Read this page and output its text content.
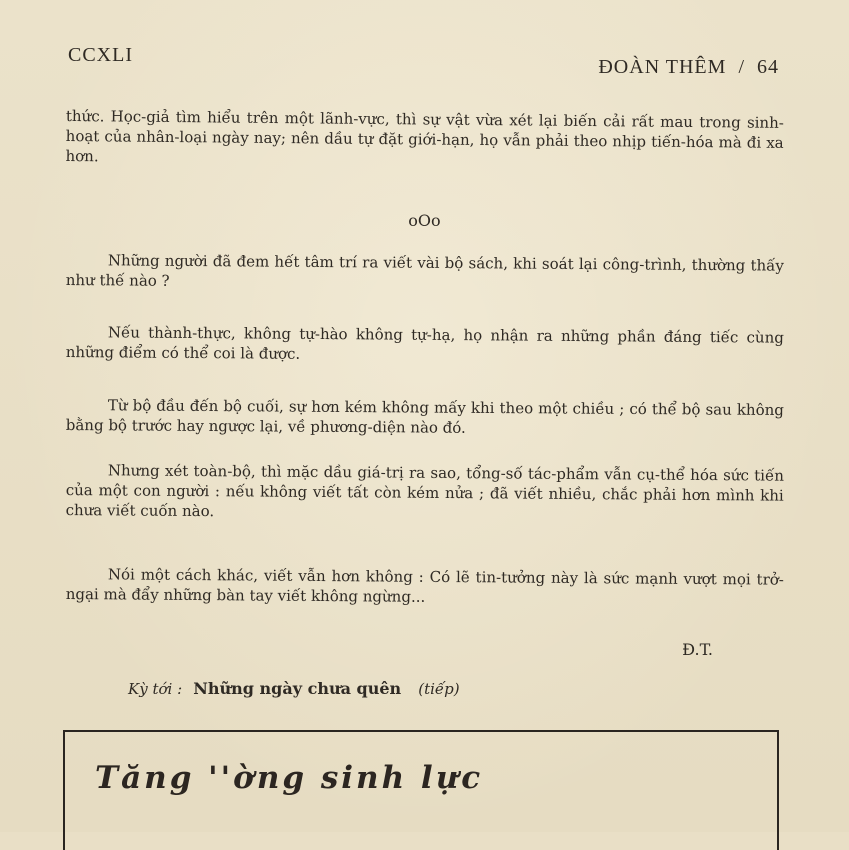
CCXLI
ĐOÀN THÊM / 64
thức. Học-giả tìm hiểu trên một lãnh-vực, thì sự vật vừa xét lại biến cải rất mau trong sinh-hoạt của nhân-loại ngày nay; nên dầu tự đặt giới-hạn, họ vẫn phải theo nhịp tiến-hóa mà đi xa hơn.
oOo
Những người đã đem hết tâm trí ra viết vài bộ sách, khi soát lại công-trình, thường thấy như thế nào ?
Nếu thành-thực, không tự-hào không tự-hạ, họ nhận ra những phần đáng tiếc cùng những điểm có thể coi là được.
Từ bộ đầu đến bộ cuối, sự hơn kém không mấy khi theo một chiều ; có thể bộ sau không bằng bộ trước hay ngược lại, về phương-diện nào đó.
Nhưng xét toàn-bộ, thì mặc dầu giá-trị ra sao, tổng-số tác-phẩm vẫn cụ-thể hóa sức tiến của một con người : nếu không viết tất còn kém nửa ; đã viết nhiều, chắc phải hơn mình khi chưa viết cuốn nào.
Nói một cách khác, viết vẫn hơn không : Có lẽ tin-tưởng này là sức mạnh vượt mọi trở-ngại mà đẩy những bàn tay viết không ngừng...
Đ.T.
Kỳ tới : Những ngày chưa quên (tiếp)
Tăng ''ờng sinh lực
